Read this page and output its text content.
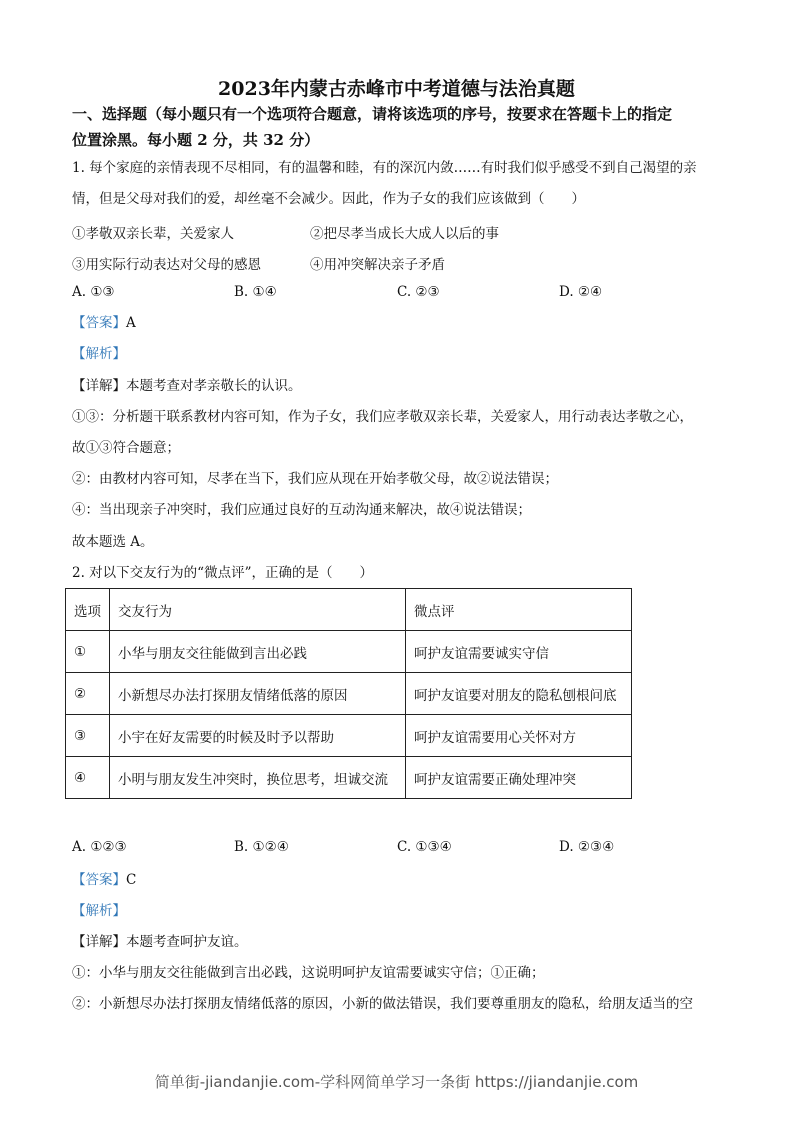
2023年内蒙古赤峰市中考道德与法治真题
一、选择题（每小题只有一个选项符合题意，请将该选项的序号，按要求在答题卡上的指定
位置涂黑。每小题 2 分，共 32 分）
1. 每个家庭的亲情表现不尽相同，有的温馨和睦，有的深沉内敛……有时我们似乎感受不到自己渴望的亲
情，但是父母对我们的爱，却丝毫不会减少。因此，作为子女的我们应该做到（　　）
①孝敬双亲长辈，关爱家人	②把尽孝当成长大成人以后的事
③用实际行动表达对父母的感恩	④用冲突解决亲子矛盾
A. ①③	B. ①④	C. ②③	D. ②④
【答案】A
【解析】
【详解】本题考查对孝亲敬长的认识。
①③：分析题干联系教材内容可知，作为子女，我们应孝敬双亲长辈，关爱家人，用行动表达孝敬之心，
故①③符合题意；
②：由教材内容可知，尽孝在当下，我们应从现在开始孝敬父母，故②说法错误；
④：当出现亲子冲突时，我们应通过良好的互动沟通来解决，故④说法错误；
故本题选 A。
2. 对以下交友行为的“微点评”，正确的是（　　）
选项	交友行为	微点评
①	小华与朋友交往能做到言出必践	呵护友谊需要诚实守信
②	小新想尽办法打探朋友情绪低落的原因	呵护友谊要对朋友的隐私刨根问底
③	小宇在好友需要的时候及时予以帮助	呵护友谊需要用心关怀对方
④	小明与朋友发生冲突时，换位思考，坦诚交流	呵护友谊需要正确处理冲突
A. ①②③	B. ①②④	C. ①③④	D. ②③④
【答案】C
【解析】
【详解】本题考查呵护友谊。
①：小华与朋友交往能做到言出必践，这说明呵护友谊需要诚实守信；①正确；
②：小新想尽办法打探朋友情绪低落的原因，小新的做法错误，我们要尊重朋友的隐私，给朋友适当的空
简单街-jiandanjie.com-学科网简单学习一条街 https://jiandanjie.com
